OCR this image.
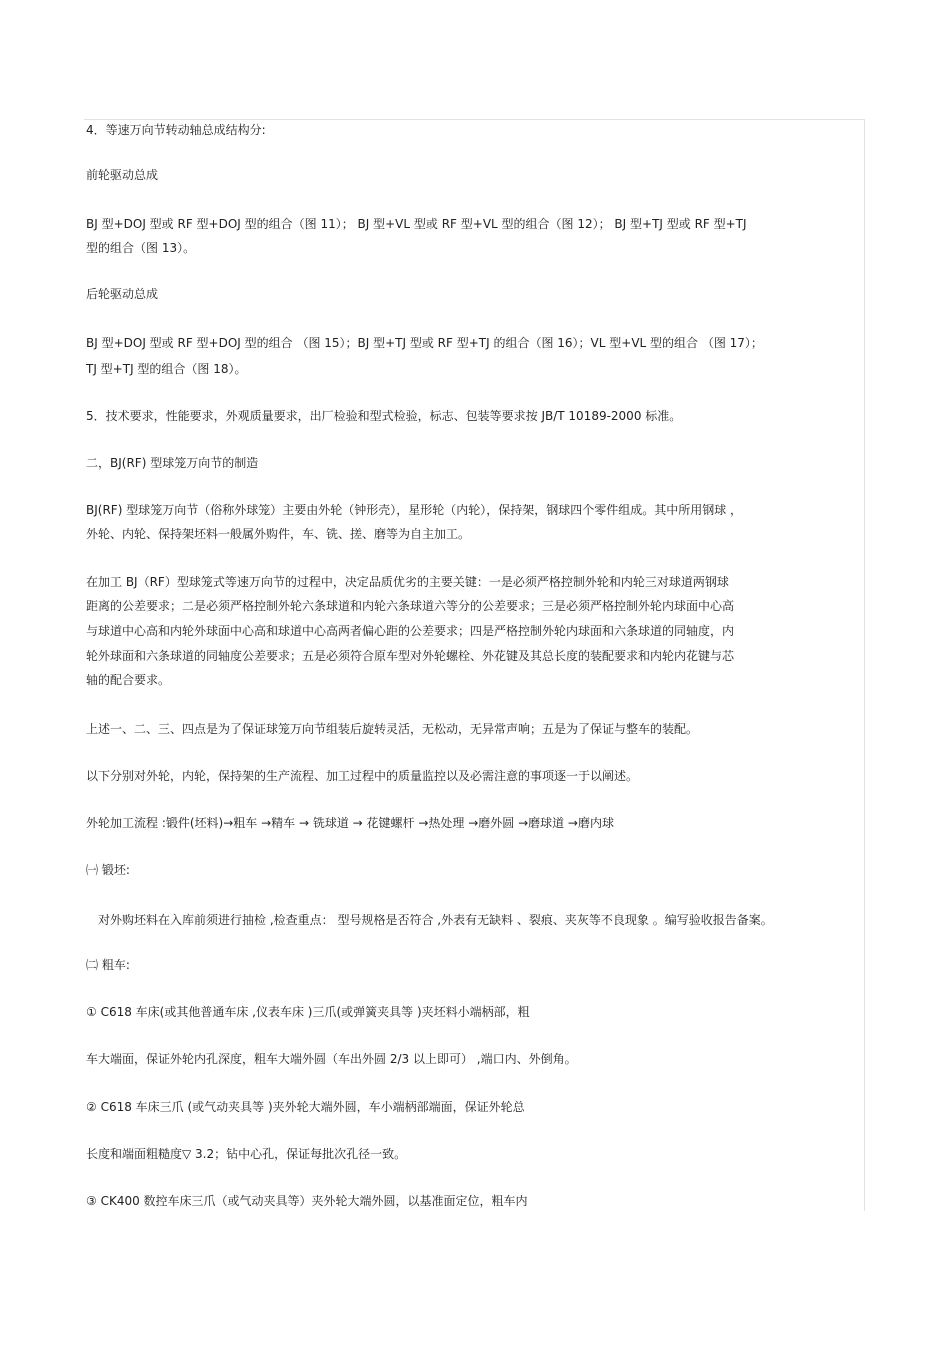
4．等速万向节转动轴总成结构分:
前轮驱动总成
BJ 型+DOJ 型或 RF 型+DOJ 型的组合（图 11）； BJ 型+VL 型或 RF 型+VL 型的组合（图 12）； BJ 型+TJ 型或 RF 型+TJ
型的组合（图 13）。
后轮驱动总成
BJ 型+DOJ 型或 RF 型+DOJ 型的组合 （图 15）；BJ 型+TJ 型或 RF 型+TJ 的组合（图 16）；VL 型+VL 型的组合 （图 17）；
TJ 型+TJ 型的组合（图 18）。
5．技术要求，性能要求，外观质量要求，出厂检验和型式检验，标志、包装等要求按 JB/T 10189-2000 标准。
二，BJ(RF) 型球笼万向节的制造
BJ(RF) 型球笼万向节（俗称外球笼）主要由外轮（钟形壳），星形轮（内轮），保持架，钢球四个零件组成。其中所用钢球 ，
外轮、内轮、保持架坯料一般属外购件，车、铣、搓、磨等为自主加工。
在加工 BJ（RF）型球笼式等速万向节的过程中，决定品质优劣的主要关键：一是必须严格控制外轮和内轮三对球道两钢球
距离的公差要求；二是必须严格控制外轮六条球道和内轮六条球道六等分的公差要求；三是必须严格控制外轮内球面中心高
与球道中心高和内轮外球面中心高和球道中心高两者偏心距的公差要求；四是严格控制外轮内球面和六条球道的同轴度，内
轮外球面和六条球道的同轴度公差要求；五是必须符合原车型对外轮螺栓、外花键及其总长度的装配要求和内轮内花键与芯
轴的配合要求。
上述一、二、三、四点是为了保证球笼万向节组装后旋转灵活，无松动，无异常声响；五是为了保证与整车的装配。
以下分别对外轮，内轮，保持架的生产流程、加工过程中的质量监控以及必需注意的事项逐一于以阐述。
外轮加工流程 :锻件(坯料)→粗车 →精车 → 铣球道 → 花键螺杆 →热处理 →磨外圆 →磨球道 →磨内球
㈠ 锻坯:
对外购坯料在入库前须进行抽检 ,检查重点： 型号规格是否符合 ,外表有无缺料 、裂痕、夹灰等不良现象 。编写验收报告备案。
㈡ 粗车:
① C618 车床(或其他普通车床 ,仪表车床 )三爪(或弹簧夹具等 )夹坯料小端柄部，粗
车大端面，保证外轮内孔深度，粗车大端外圆（车出外圆 2/3 以上即可） ,端口内、外倒角。
② C618 车床三爪 (或气动夹具等 )夹外轮大端外圆，车小端柄部端面，保证外轮总
长度和端面粗糙度▽ 3.2；钻中心孔，保证每批次孔径一致。
③ CK400 数控车床三爪（或气动夹具等）夹外轮大端外圆，以基准面定位，粗车内
